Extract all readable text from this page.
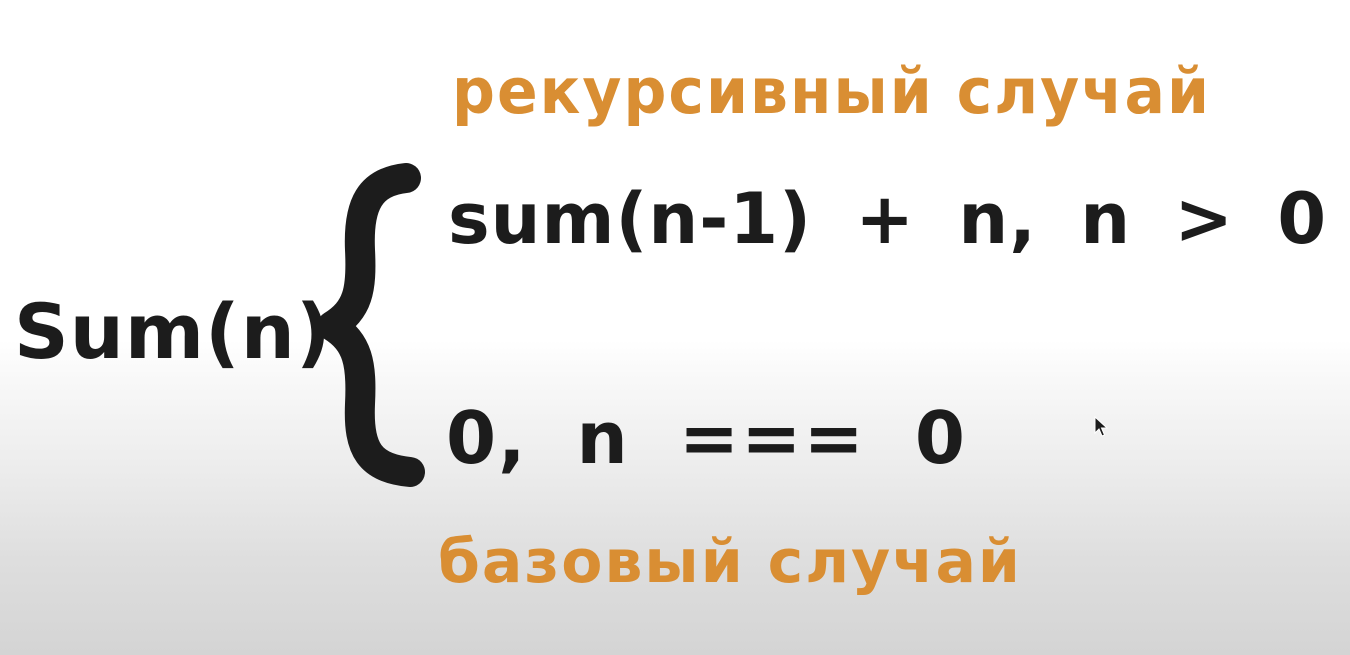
рекурсивный случай
Sum(n)
sum(n-1) + n, n > 0
0, n === 0
базовый случай
